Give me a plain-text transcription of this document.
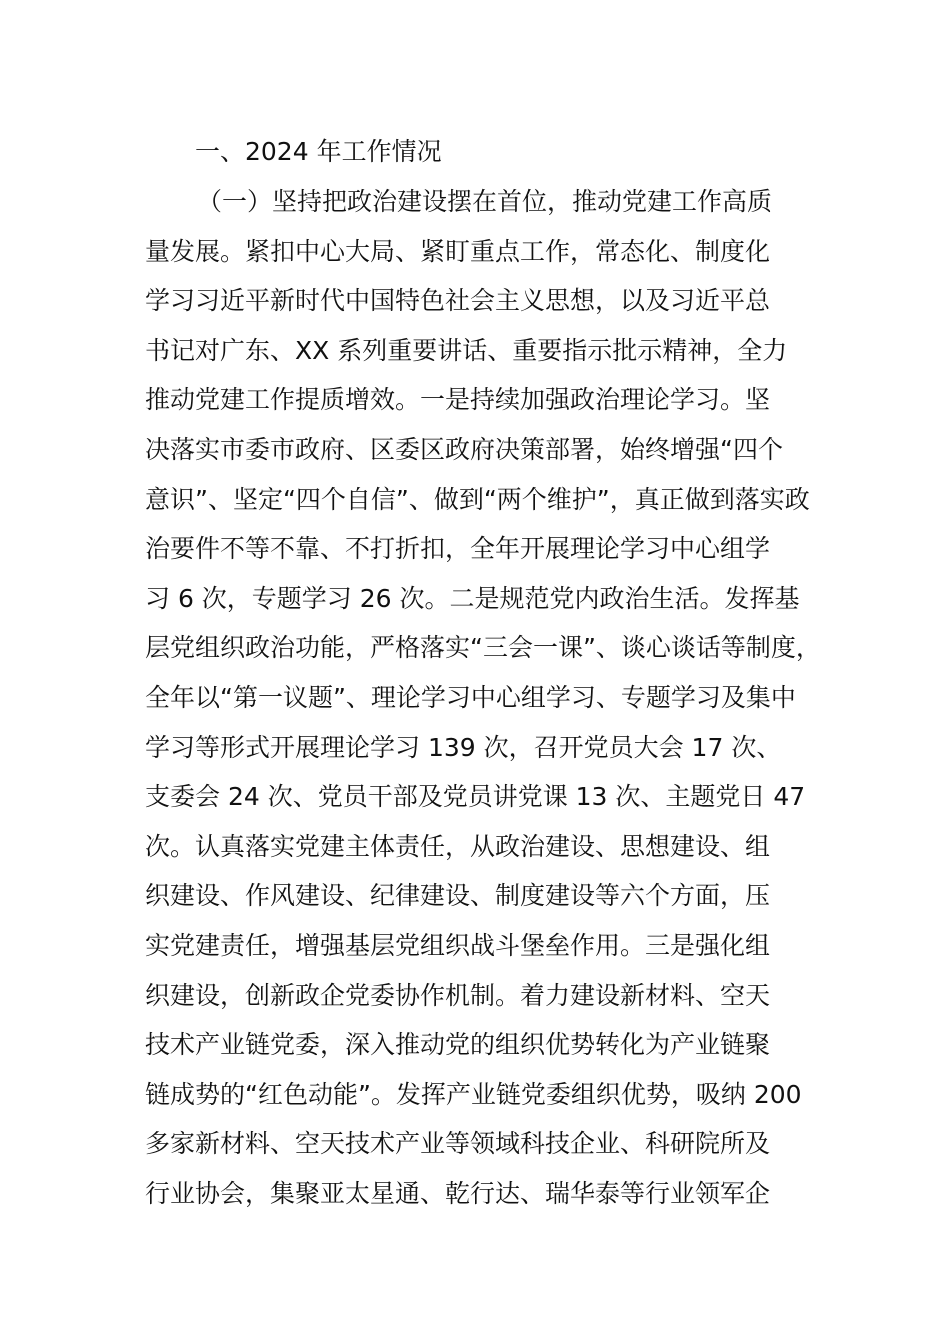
一、2024 年工作情况
（一）坚持把政治建设摆在首位，推动党建工作高质
量发展。紧扣中心大局、紧盯重点工作，常态化、制度化
学习习近平新时代中国特色社会主义思想，以及习近平总
书记对广东、XX 系列重要讲话、重要指示批示精神，全力
推动党建工作提质增效。一是持续加强政治理论学习。坚
决落实市委市政府、区委区政府决策部署，始终增强“四个
意识”、坚定“四个自信”、做到“两个维护”，真正做到落实政
治要件不等不靠、不打折扣，全年开展理论学习中心组学
习 6 次，专题学习 26 次。二是规范党内政治生活。发挥基
层党组织政治功能，严格落实“三会一课”、谈心谈话等制度，
全年以“第一议题”、理论学习中心组学习、专题学习及集中
学习等形式开展理论学习 139 次，召开党员大会 17 次、
支委会 24 次、党员干部及党员讲党课 13 次、主题党日 47
次。认真落实党建主体责任，从政治建设、思想建设、组
织建设、作风建设、纪律建设、制度建设等六个方面，压
实党建责任，增强基层党组织战斗堡垒作用。三是强化组
织建设，创新政企党委协作机制。着力建设新材料、空天
技术产业链党委，深入推动党的组织优势转化为产业链聚
链成势的“红色动能”。发挥产业链党委组织优势，吸纳 200
多家新材料、空天技术产业等领域科技企业、科研院所及
行业协会，集聚亚太星通、乾行达、瑞华泰等行业领军企
